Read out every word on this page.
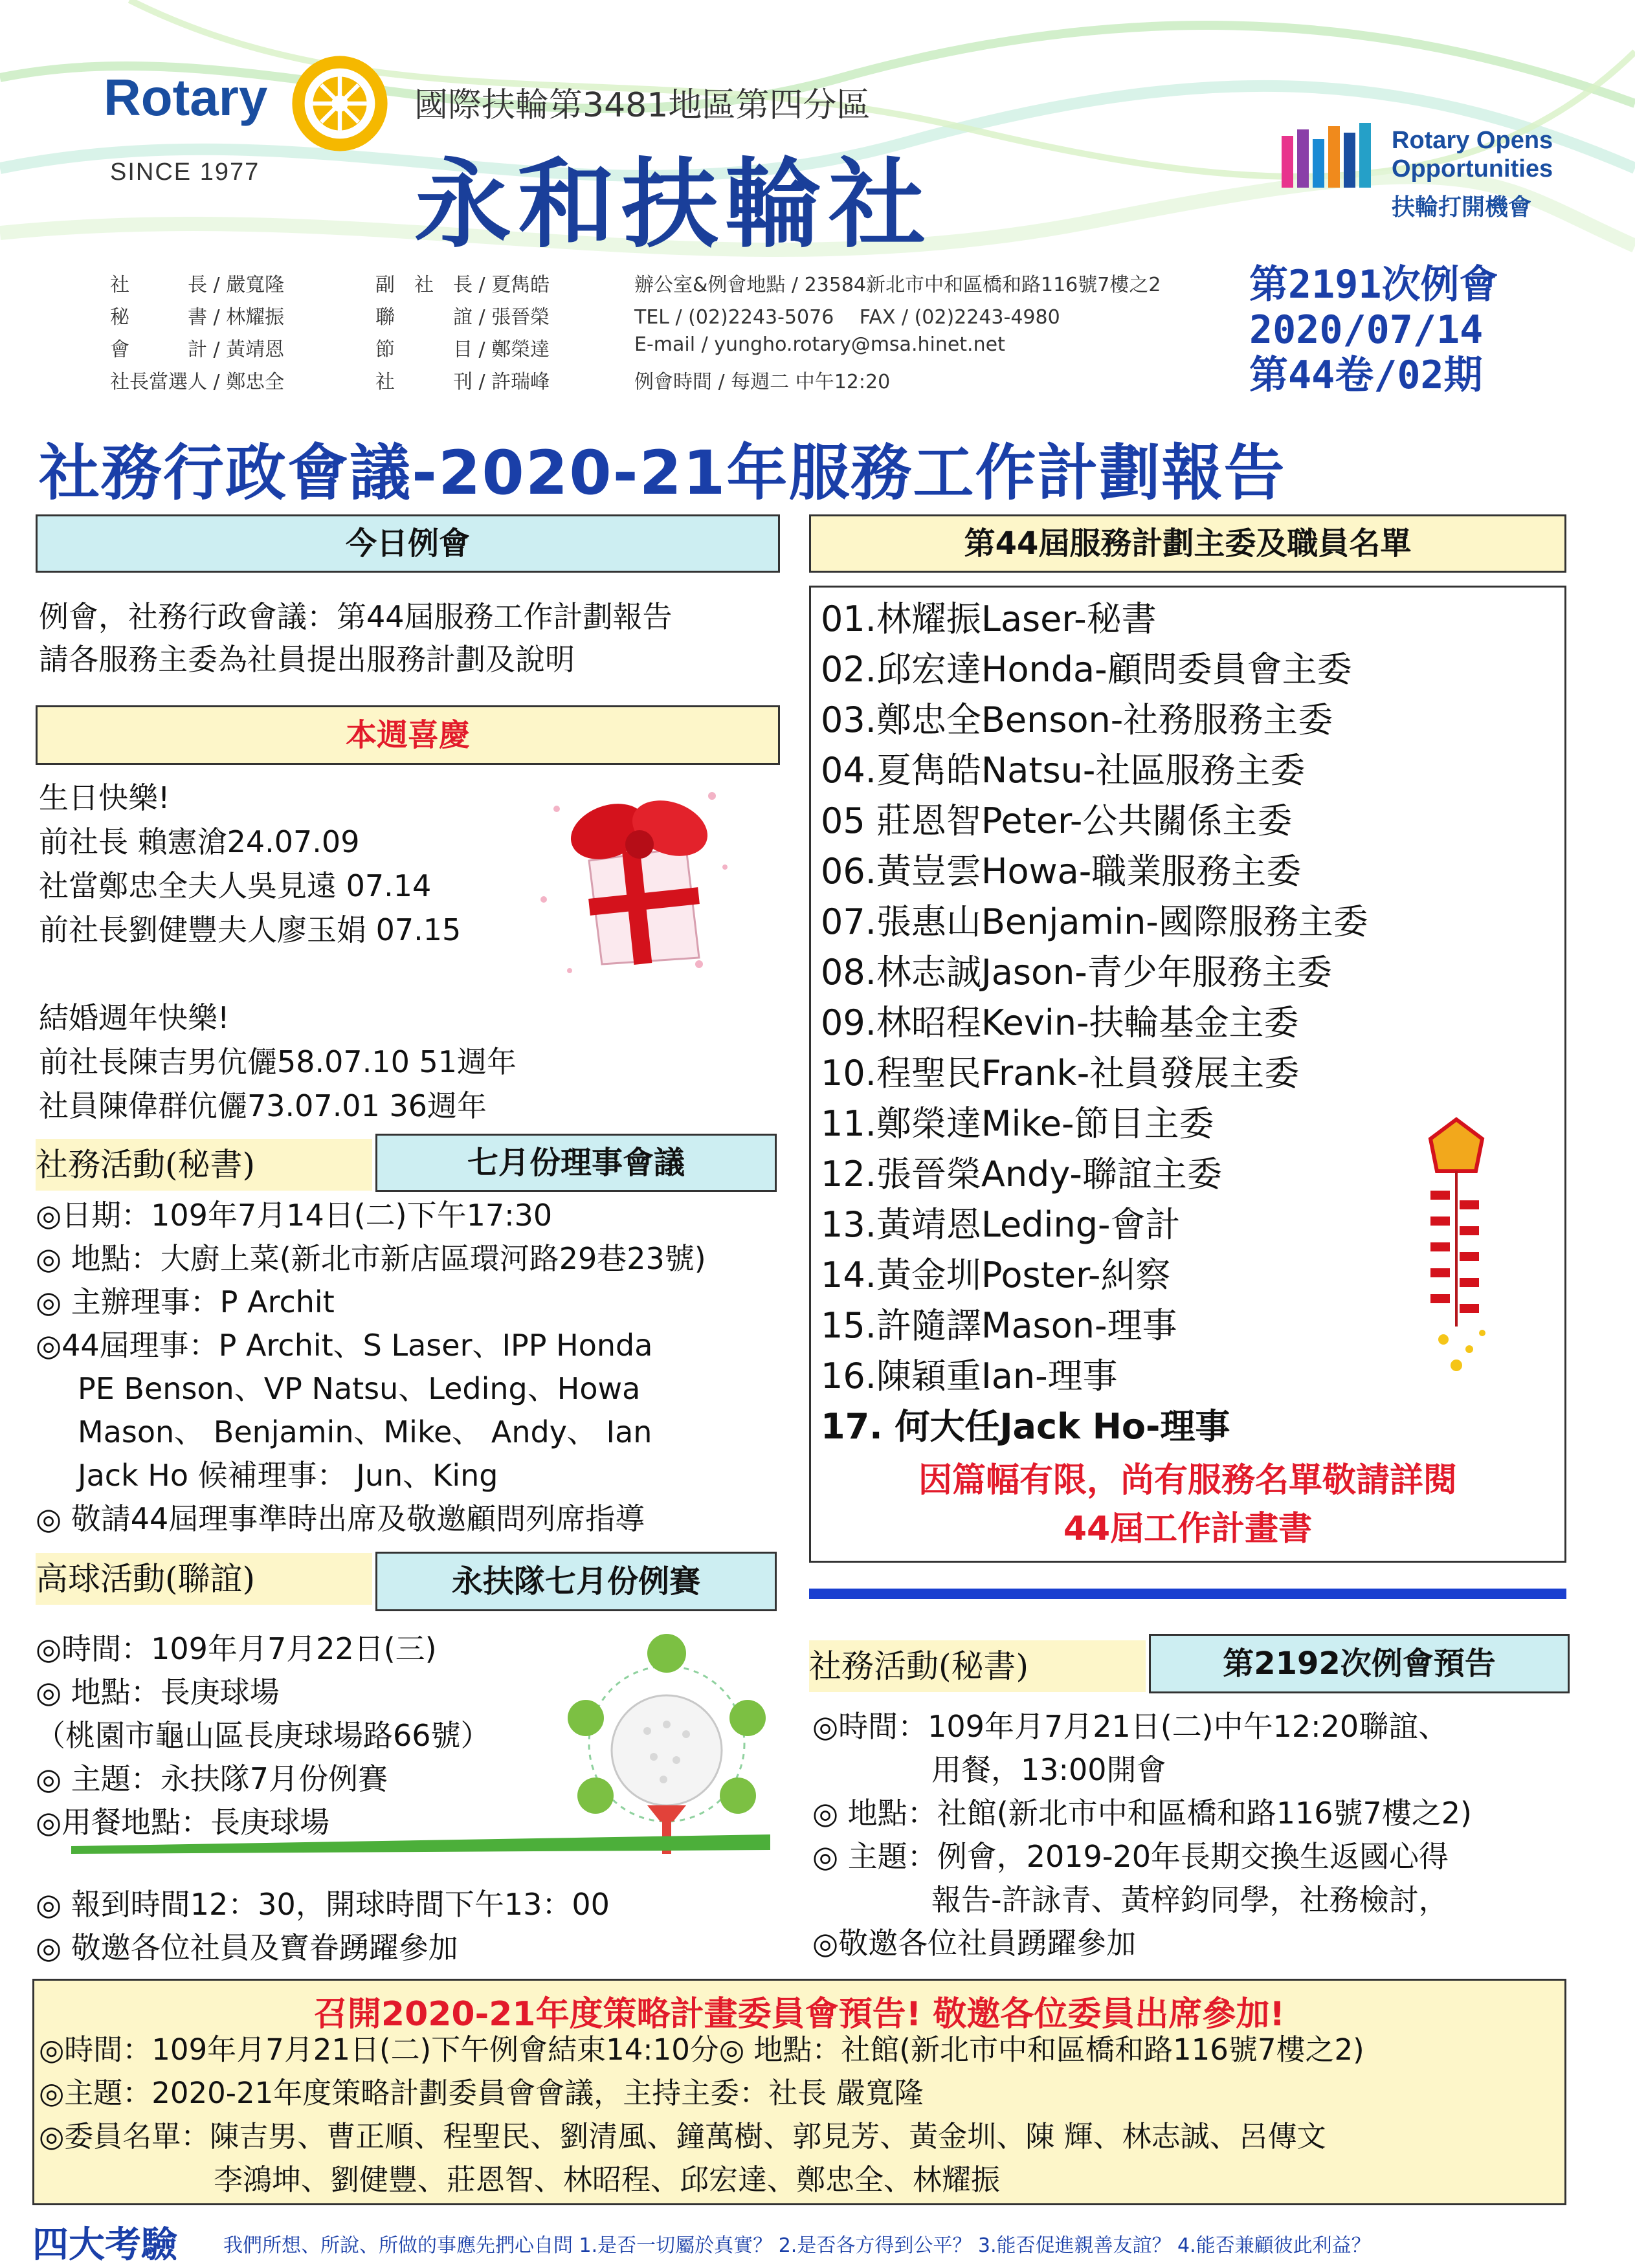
Rotary
SINCE 1977
國際扶輪第3481地區第四分區
永和扶輪社
Rotary Opens
Opportunities
扶輪打開機會
社　　　長 / 嚴寬隆
秘　　　書 / 林耀振
會　　　計 / 黃靖恩
社長當選人 / 鄭忠全
副　社　長 / 夏雋皓
聯　　　誼 / 張晉榮
節　　　目 / 鄭榮達
社　　　刊 / 許瑞峰
辦公室&例會地點 / 23584新北市中和區橋和路116號7樓之2
TEL / (02)2243-5076　 FAX / (02)2243-4980
E-mail / yungho.rotary@msa.hinet.net
例會時間 / 每週二 中午12:20
第2191次例會
2020/07/14
第44卷/02期
社務行政會議-2020-21年服務工作計劃報告
今日例會
例會，社務行政會議：第44屆服務工作計劃報告
請各服務主委為社員提出服務計劃及說明
本週喜慶
生日快樂!
前社長 賴憲滄24.07.09
社當鄭忠全夫人吳見遠 07.14
前社長劉健豐夫人廖玉娟 07.15
結婚週年快樂!
前社長陳吉男伉儷58.07.10 51週年
社員陳偉群伉儷73.07.01 36週年
社務活動(秘書)	七月份理事會議
◎日期：109年7月14日(二)下午17:30
◎ 地點：大廚上菜(新北市新店區環河路29巷23號)
◎ 主辦理事：P Archit
◎44屆理事：P Archit、S Laser、IPP Honda
PE Benson、VP Natsu、Leding、Howa
Mason、 Benjamin、Mike、 Andy、 Ian
Jack Ho 候補理事： Jun、King
◎ 敬請44屆理事準時出席及敬邀顧問列席指導
高球活動(聯誼)	永扶隊七月份例賽
◎時間：109年月7月22日(三)
◎ 地點：長庚球場
（桃園市龜山區長庚球場路66號）
◎ 主題：永扶隊7月份例賽
◎用餐地點：長庚球場
◎ 報到時間12：30，開球時間下午13：00
◎ 敬邀各位社員及寶眷踴躍參加
第44屆服務計劃主委及職員名單
01.林耀振Laser-秘書
02.邱宏達Honda-顧問委員會主委
03.鄭忠全Benson-社務服務主委
04.夏雋皓Natsu-社區服務主委
05 莊恩智Peter-公共關係主委
06.黃豈雲Howa-職業服務主委
07.張惠山Benjamin-國際服務主委
08.林志誠Jason-青少年服務主委
09.林昭程Kevin-扶輪基金主委
10.程聖民Frank-社員發展主委
11.鄭榮達Mike-節目主委
12.張晉榮Andy-聯誼主委
13.黃靖恩Leding-會計
14.黃金圳Poster-糾察
15.許隨譯Mason-理事
16.陳穎重Ian-理事
17. 何大任Jack Ho-理事
因篇幅有限，尚有服務名單敬請詳閱
44屆工作計畫書
社務活動(秘書)	第2192次例會預告
◎時間：109年月7月21日(二)中午12:20聯誼、
　　　　用餐，13:00開會
◎ 地點：社館(新北市中和區橋和路116號7樓之2)
◎ 主題：例會，2019-20年長期交換生返國心得
　　　　報告-許詠青、黃梓鈞同學，社務檢討，
◎敬邀各位社員踴躍參加
召開2020-21年度策略計畫委員會預告! 敬邀各位委員出席參加!
◎時間：109年月7月21日(二)下午例會結束14:10分◎ 地點：社館(新北市中和區橋和路116號7樓之2)
◎主題：2020-21年度策略計劃委員會會議，主持主委：社長 嚴寬隆
◎委員名單：陳吉男、曹正順、程聖民、劉清風、鐘萬樹、郭見芳、黃金圳、陳 輝、林志誠、呂傳文
　　　　　　李鴻坤、劉健豐、莊恩智、林昭程、邱宏達、鄭忠全、林耀振
四大考驗 我們所想、所說、所做的事應先捫心自問 1.是否一切屬於真實？ 2.是否各方得到公平？ 3.能否促進親善友誼？ 4.能否兼顧彼此利益？
